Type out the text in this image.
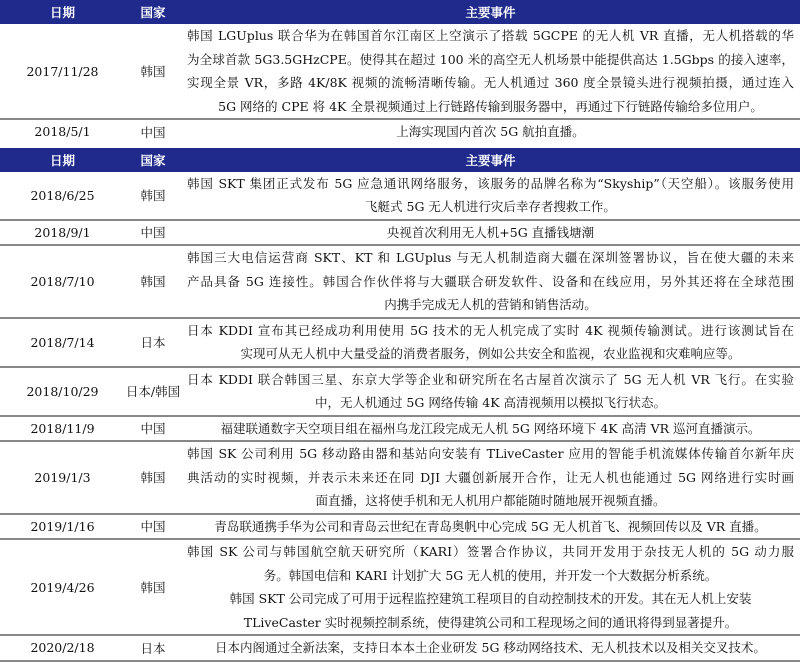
日期	国家	主要事件
2017/11/28	韩国	韩国 LGUplus 联合华为在韩国首尔江南区上空演示了搭载 5GCPE 的无人机 VR 直播，无人机搭载的华
为全球首款 5G3.5GHzCPE。使得其在超过 100 米的高空无人机场景中能提供高达 1.5Gbps 的接入速率，
实现全景 VR，多路 4K/8K 视频的流畅清晰传输。无人机通过 360 度全景镜头进行视频拍摄，通过连入
5G 网络的 CPE 将 4K 全景视频通过上行链路传输到服务器中，再通过下行链路传输给多位用户。

2018/5/1	中国	上海实现国内首次 5G 航拍直播。

日期	国家	主要事件
2018/6/25	韩国	韩国 SKT 集团正式发布 5G 应急通讯网络服务，该服务的品牌名称为“Skyship”（天空船）。该服务使用
飞艇式 5G 无人机进行灾后幸存者搜救工作。

2018/9/1	中国	央视首次利用无人机+5G 直播钱塘潮

2018/7/10	韩国	韩国三大电信运营商 SKT、KT 和 LGUplus 与无人机制造商大疆在深圳签署协议，旨在使大疆的未来
产品具备 5G 连接性。韩国合作伙伴将与大疆联合研发软件、设备和在线应用，另外其还将在全球范围
内携手完成无人机的营销和销售活动。

2018/7/14	日本	日本 KDDI 宣布其已经成功利用使用 5G 技术的无人机完成了实时 4K 视频传输测试。进行该测试旨在
实现可从无人机中大量受益的消费者服务，例如公共安全和监视，农业监视和灾难响应等。

2018/10/29	日本/韩国	日本 KDDI 联合韩国三星、东京大学等企业和研究所在名古屋首次演示了 5G 无人机 VR 飞行。在实验
中，无人机通过 5G 网络传输 4K 高清视频用以模拟飞行状态。

2018/11/9	中国	福建联通数字天空项目组在福州乌龙江段完成无人机 5G 网络环境下 4K 高清 VR 巡河直播演示。

2019/1/3	韩国	韩国 SK 公司利用 5G 移动路由器和基站向安装有 TLiveCaster 应用的智能手机流媒体传输首尔新年庆
典活动的实时视频，并表示未来还在同 DJI 大疆创新展开合作，让无人机也能通过 5G 网络进行实时画
面直播，这将使手机和无人机用户都能随时随地展开视频直播。

2019/1/16	中国	青岛联通携手华为公司和青岛云世纪在青岛奥帆中心完成 5G 无人机首飞、视频回传以及 VR 直播。

2019/4/26	韩国	韩国 SK 公司与韩国航空航天研究所（KARI）签署合作协议，共同开发用于杂技无人机的 5G 动力服
务。韩国电信和 KARI 计划扩大 5G 无人机的使用，并开发一个大数据分析系统。
韩国 SKT 公司完成了可用于远程监控建筑工程项目的自动控制技术的开发。其在无人机上安装
TLiveCaster 实时视频控制系统，使得建筑公司和工程现场之间的通讯将得到显著提升。

2020/2/18	日本	日本内阁通过全新法案，支持日本本土企业研发 5G 移动网络技术、无人机技术以及相关交叉技术。
